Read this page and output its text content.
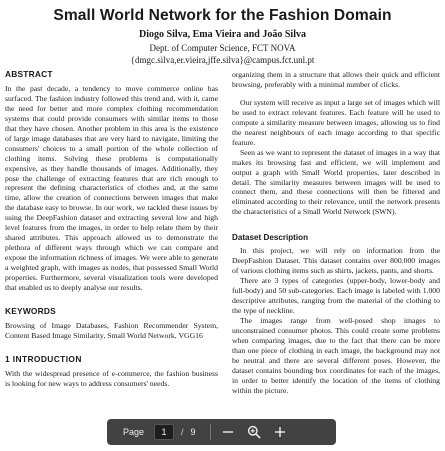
Small World Network for the Fashion Domain
Diogo Silva, Ema Vieira and João Silva
Dept. of Computer Science, FCT NOVA
{dmgc.silva,er.vieira,jffe.silva}@campus.fct.unl.pt
ABSTRACT

In the past decade, a tendency to move commerce online has surfaced. The fashion industry followed this trend and, with it, came the need for better and more complex clothing recommendation systems that could provide consumers with similar items to those that they have chosen. Another problem in this area is the existence of large image databases that are very hard to navigate, limiting the consumers' choices to a small portion of the whole collection of clothing items. Solving these problems is computationally expensive, as they handle thousands of images. Additionally, they pose the challenge of extracting features that are rich enough to represent the defining characteristics of clothes and, at the same time, allow the creation of connections between images that make the database easy to browse. In our work, we tackled these issues by using the DeepFashion dataset and extracting several low and high level features from the images, in order to help relate them by their shared attributes. This approach allowed us to demonstrate the plethora of different ways through which we can compare and expose the information richness of images. We were able to generate a weighted graph, with images as nodes, that possessed Small World properties. Furthermore, several visualization tools were developed that enabled us to deeply analyse our results.

KEYWORDS

Browsing of Image Databases, Fashion Recommender System, Content Based Image Similarity, Small World Network, VGG16

1 INTRODUCTION

With the widespread presence of e-commerce, the fashion business is looking for new ways to address consumers' needs.

organizing them in a structure that allows their quick and efficient browsing, preferably with a minimal number of clicks.

Our system will receive as input a large set of images which will be used to extract relevant features. Each feature will be used to compute a similarity measure between images, allowing us to find the nearest neighbours of each image according to that specific feature.

Seen as we want to represent the dataset of images in a way that makes its browsing fast and efficient, we will implement and output a graph with Small World properties, later described in detail. The similarity measures between images will be used to connect them, and these connections will then be filtered and eliminated according to their relevance, until the network presents the characteristics of a Small World Network (SWN).

Dataset Description

In this project, we will rely on information from the DeepFashion Dataset. This dataset contains over 800.000 images of various clothing items such as shirts, jackets, pants, and shorts.

There are 3 types of categories (upper-body, lower-body and full-body) and 50 sub-categories. Each image is labeled with 1.000 descriptive attributes, ranging from the material of the clothing to the type of neckline.

The images range from well-posed shop images to unconstrained consumer photos. This could create some problems when comparing images, due to the fact that there can be more than one piece of clothing in each image, the background may not be neutral and there are several different poses. However, the dataset contains bounding box coordinates for each of the images, in order to better identify the location of the items of clothing within the picture.

Page	1	/ 9
